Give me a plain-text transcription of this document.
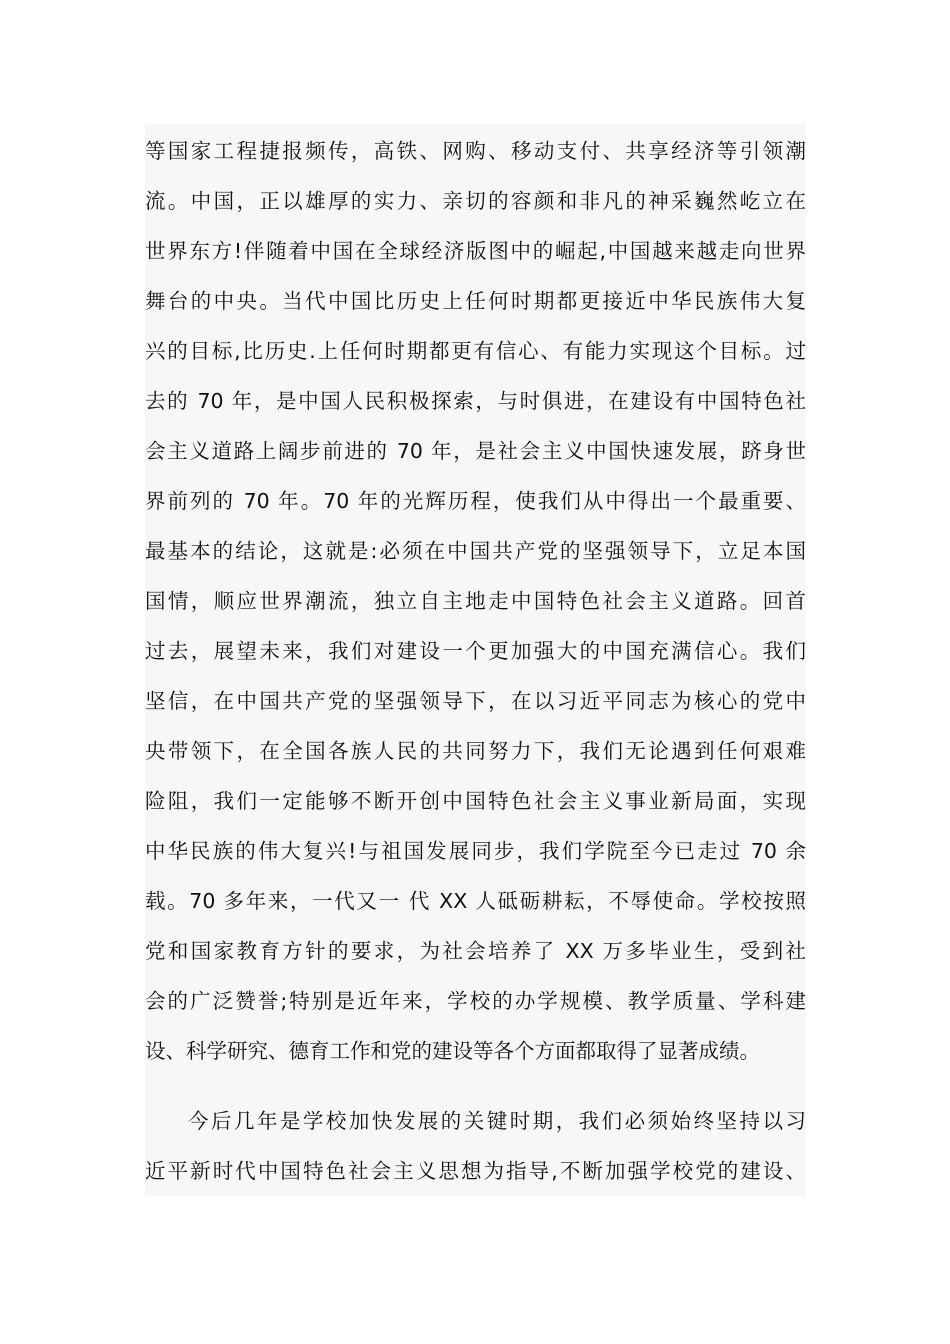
等国家工程捷报频传，高铁、网购、移动支付、共享经济等引领潮
流。中国，正以雄厚的实力、亲切的容颜和非凡的神采巍然屹立在
世界东方!伴随着中国在全球经济版图中的崛起,中国越来越走向世界
舞台的中央。当代中国比历史上任何时期都更接近中华民族伟大复
兴的目标,比历史.上任何时期都更有信心、有能力实现这个目标。过
去的 70 年，是中国人民积极探索，与时俱进，在建设有中国特色社
会主义道路上阔步前进的 70 年，是社会主义中国快速发展，跻身世
界前列的 70 年。70 年的光辉历程，使我们从中得出一个最重要、
最基本的结论，这就是:必须在中国共产党的坚强领导下，立足本国
国情，顺应世界潮流，独立自主地走中国特色社会主义道路。回首
过去，展望未来，我们对建设一个更加强大的中国充满信心。我们
坚信，在中国共产党的坚强领导下，在以习近平同志为核心的党中
央带领下，在全国各族人民的共同努力下，我们无论遇到任何艰难
险阻，我们一定能够不断开创中国特色社会主义事业新局面，实现
中华民族的伟大复兴!与祖国发展同步，我们学院至今已走过 70 余
载。70 多年来，一代又一 代 XX 人砥砺耕耘，不辱使命。学校按照
党和国家教育方针的要求，为社会培养了 XX 万多毕业生，受到社
会的广泛赞誉;特别是近年来，学校的办学规模、教学质量、学科建
设、科学研究、德育工作和党的建设等各个方面都取得了显著成绩。
今后几年是学校加快发展的关键时期，我们必须始终坚持以习
近平新时代中国特色社会主义思想为指导,不断加强学校党的建设、
